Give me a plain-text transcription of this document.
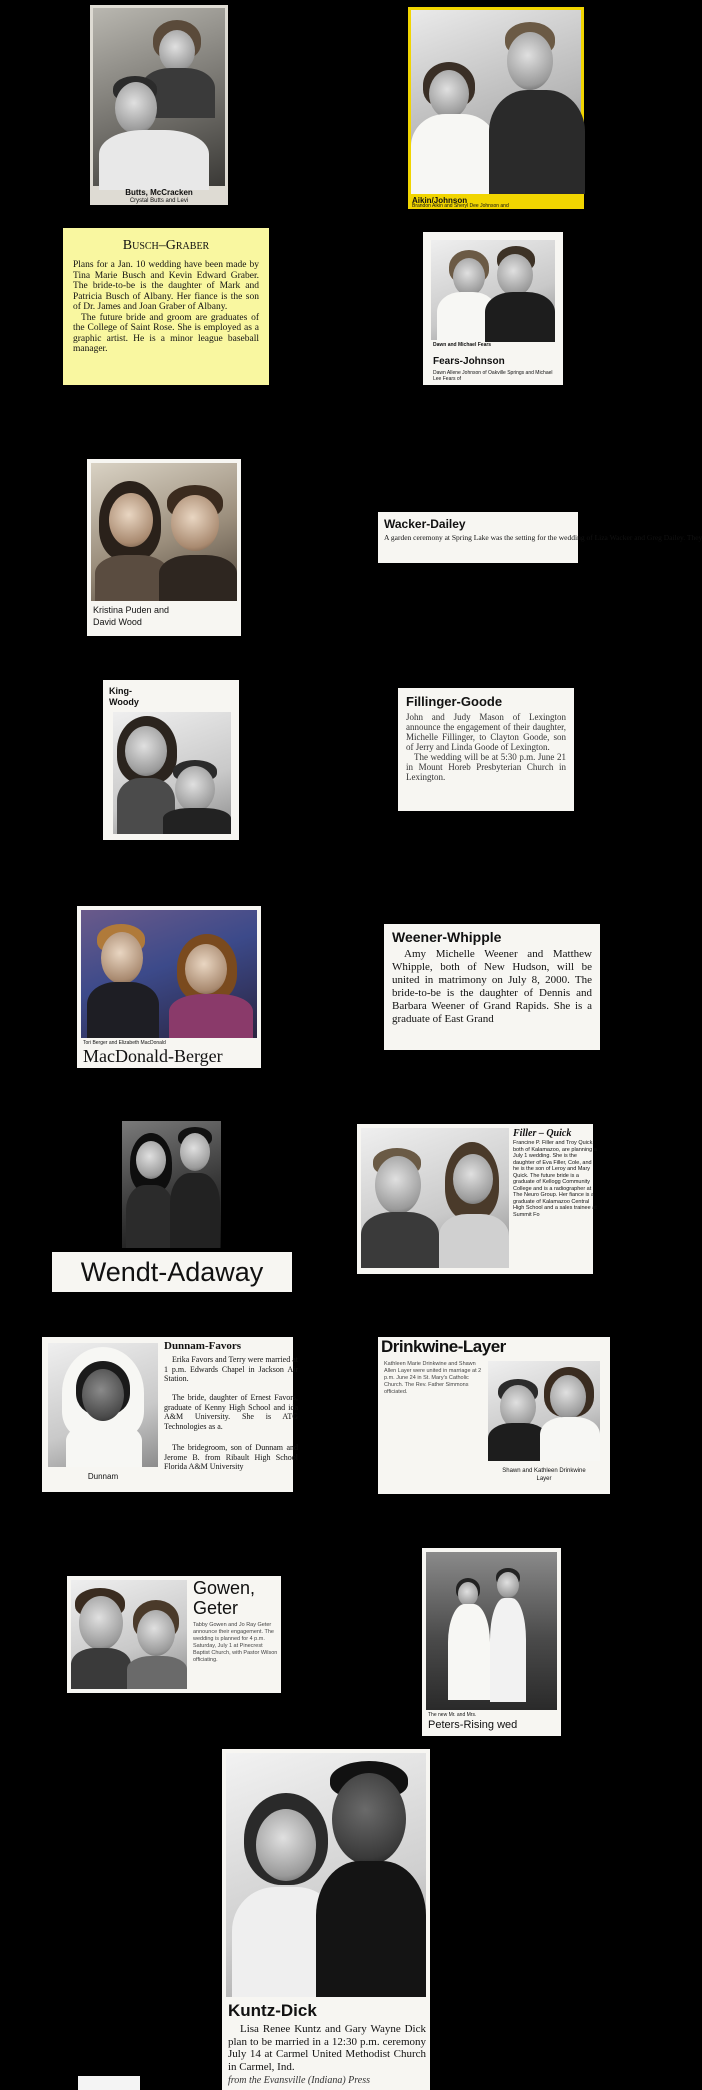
Butts, McCracken
Crystal Butts and Levi	Aikin/Johnson
Brandon Aikin and Sheryl Dee Johnson and
Busch–Graber
Plans for a Jan. 10 wedding have been made by Tina Marie Busch and Kevin Edward Graber. The bride-to-be is the daughter of Mark and Patricia Busch of Albany. Her fiance is the son of Dr. James and Joan Graber of Albany.
The future bride and groom are graduates of the College of Saint Rose. She is employed as a graphic artist. He is a minor league baseball manager.	Dawn and Michael Fears
Fears-Johnson
Dawn Allene Johnson of Oakville Springs and Michael Lee Fears of
Kristina Puden and
David Wood
Wacker-Dailey
A garden ceremony at Spring Lake was the setting for the wedding of Liza Wacker and Greg Dailey. They
King-
Woody	Fillinger-Goode
John and Judy Mason of Lexington announce the engagement of their daughter, Michelle Fillinger, to Clayton Goode, son of Jerry and Linda Goode of Lexington.
The wedding will be at 5:30 p.m. June 21 in Mount Horeb Presbyterian Church in Lexington.
Tori Berger and Elizabeth MacDonald
MacDonald-Berger
Weener-Whipple
Amy Michelle Weener and Matthew Whipple, both of New Hudson, will be united in matrimony on July 8, 2000. The bride-to-be is the daughter of Dennis and Barbara Weener of Grand Rapids. She is a graduate of East Grand
Wendt-Adaway
Filler – Quick
Francine P. Filler and Troy Quick, both of Kalamazoo, are planning a July 1 wedding. She is the daughter of Eva Filler, Cole, and he is the son of Leroy and Mary Quick. The future bride is a graduate of Kellogg Community College and is a radiographer at The Neuro Group. Her fiance is a graduate of Kalamazoo Central High School and a sales trainee at Summit Fo
Dunnam
Dunnam-Favors
Erika Favors and Terry were married at 1 p.m. Edwards Chapel in Jackson Air Station.
The bride, daughter of Ernest Favors, graduate of Kenny High School and ida A&M University. She is ATG Technologies as a.
The bridegroom, son of Dunnam and Jerome B. from Ribault High School Florida A&M University
Drinkwine-Layer
Kathleen Marie Drinkwine and Shawn Allen Layer were united in marriage at 2 p.m. June 24 in St. Mary's Catholic Church. The Rev. Father Simmons officiated.
Shawn and Kathleen Drinkwine Layer
Gowen,
Geter
Tabby Gowen and Jo Ray Geter announce their engagement. The wedding is planned for 4 p.m. Saturday, July 1 at Pinecrest Baptist Church, with Pastor Wilson officiating.
The new Mr. and Mrs.
Peters-Rising wed
Kuntz-Dick
Lisa Renee Kuntz and Gary Wayne Dick plan to be married in a 12:30 p.m. ceremony July 14 at Carmel United Methodist Church in Carmel, Ind.
from the Evansville (Indiana) Press
